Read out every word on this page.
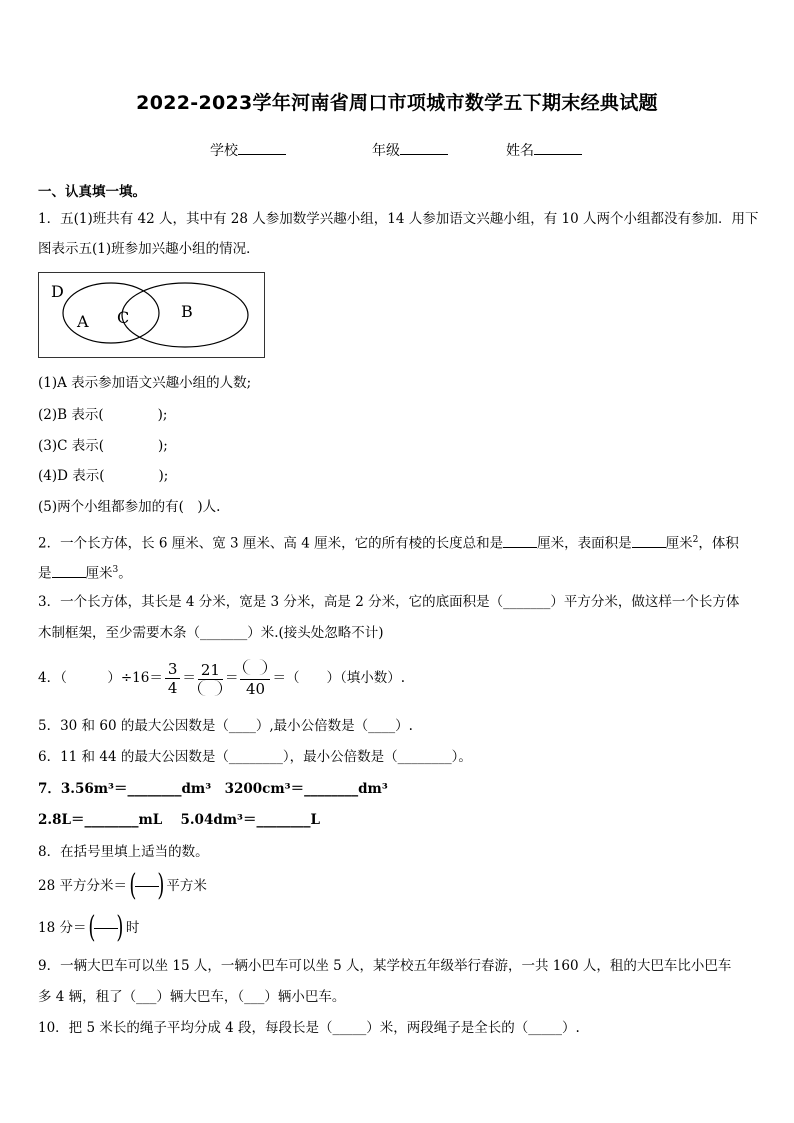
2022-2023学年河南省周口市项城市数学五下期末经典试题
学校	年级	姓名
一、认真填一填。
1．五(1)班共有 42 人，其中有 28 人参加数学兴趣小组，14 人参加语文兴趣小组，有 10 人两个小组都没有参加．用下
图表示五(1)班参加兴趣小组的情况．
D
A C	B
(1)A 表示参加语文兴趣小组的人数;
(2)B 表示(　　　　);
(3)C 表示(　　　　);
(4)D 表示(　　　　);
(5)两个小组都参加的有(　)人.
2．一个长方体，长 6 厘米、宽 3 厘米、高 4 厘米，它的所有棱的长度总和是	厘米，表面积是	厘米$^2$，体积
是	厘米$^3$。
3．一个长方体，其长是 4 分米，宽是 3 分米，高是 2 分米，它的底面积是（_______）平方分米，做这样一个长方体
木制框架，至少需要木条（_______）米.(接头处忽略不计)
4．（　　　）$\div 16= \frac{3}{4} = 21$ ＝
40
＝（　　）（填小数）.
5．30 和 60 的最大公因数是（____）,最小公倍数是（____）.
6．11 和 44 的最大公因数是（________），最小公倍数是（________）。
7．3.56m³＝________dm³　3200cm³＝________dm³
2.8L＝________mL　 5.04dm³＝________L
8．在括号里填上适当的数。
28 平方分米＝ ( ) 平方米
18 分＝ ( ) 时
9．一辆大巴车可以坐 15 人，一辆小巴车可以坐 5 人，某学校五年级举行春游，一共 160 人，租的大巴车比小巴车
多 4 辆，租了（___）辆大巴车，（___）辆小巴车。
10．把 5 米长的绳子平均分成 4 段，每段长是（_____）米，两段绳子是全长的（_____）.
